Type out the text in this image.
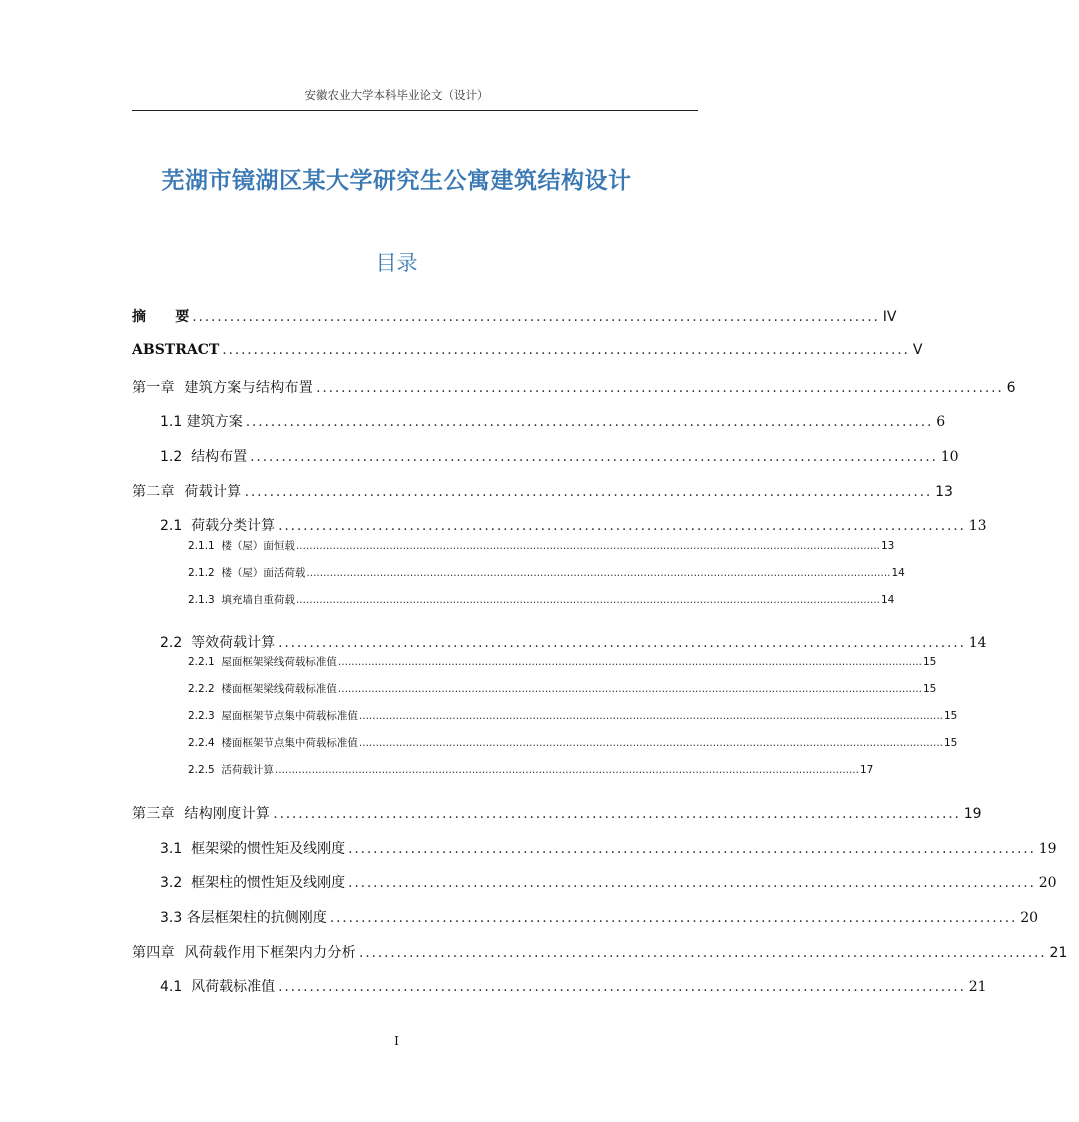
安徽农业大学本科毕业论文（设计）
芜湖市镜湖区某大学研究生公寓建筑结构设计
目录
摘      要 .............................................................................................................. IV
ABSTRACT .............................................................................................................. V
第一章  建筑方案与结构布置 .............................................................................................................. 6
1.1 建筑方案 .............................................................................................................. 6
1.2  结构布置 .............................................................................................................. 10
第二章  荷载计算 .............................................................................................................. 13
2.1  荷载分类计算 .............................................................................................................. 13
2.1.1  楼（屋）面恒载 ............................................................................................................................................................................... 13
2.1.2  楼（屋）面活荷载 ............................................................................................................................................................................... 14
2.1.3  填充墙自重荷载 ............................................................................................................................................................................... 14
2.2  等效荷载计算 .............................................................................................................. 14
2.2.1  屋面框架梁线荷载标准值 ............................................................................................................................................................................... 15
2.2.2  楼面框架梁线荷载标准值 ............................................................................................................................................................................... 15
2.2.3  屋面框架节点集中荷载标准值 ............................................................................................................................................................................... 15
2.2.4  楼面框架节点集中荷载标准值 ............................................................................................................................................................................... 15
2.2.5  活荷载计算 ............................................................................................................................................................................... 17
第三章  结构刚度计算 .............................................................................................................. 19
3.1  框架梁的惯性矩及线刚度 .............................................................................................................. 19
3.2  框架柱的惯性矩及线刚度 .............................................................................................................. 20
3.3 各层框架柱的抗侧刚度 .............................................................................................................. 20
第四章  风荷载作用下框架内力分析 .............................................................................................................. 21
4.1  风荷载标准值 .............................................................................................................. 21
I
